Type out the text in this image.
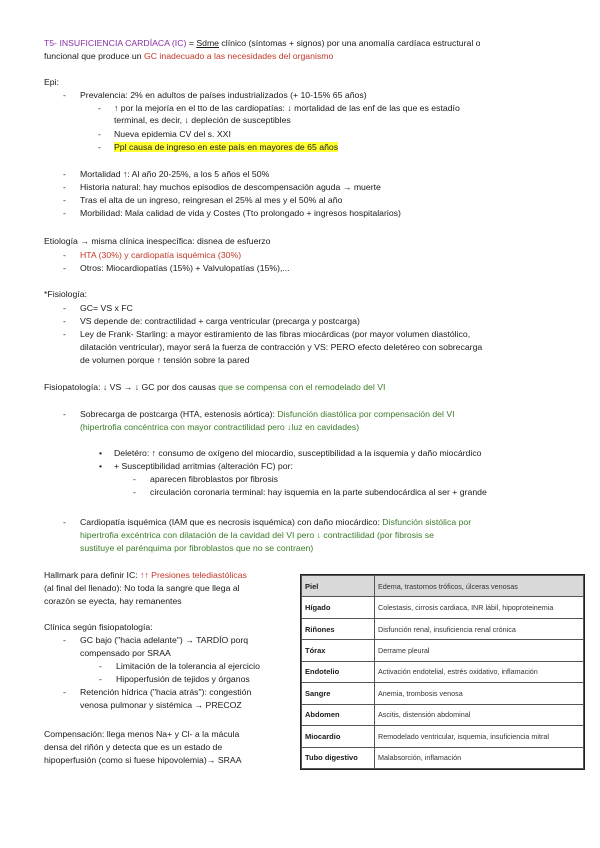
T5- INSUFICIENCIA CARDÍACA (IC) = Sdme clínico (síntomas + signos) por una anomalía cardíaca estructural o
funcional que produce un GC inadecuado a las necesidades del organismo
Epi:
- Prevalencia: 2% en adultos de países industrializados (+ 10-15% 65 años)
- ↑ por la mejoría en el tto de las cardiopatías: ↓ mortalidad de las enf de las que es estadío
terminal, es decir, ↓ depleción de susceptibles
- Nueva epidemia CV del s. XXI
- Ppl causa de ingreso en este país en mayores de 65 años
- Mortalidad ↑: Al año 20-25%, a los 5 años el 50%
- Historia natural: hay muchos episodios de descompensación aguda → muerte
- Tras el alta de un ingreso, reingresan el 25% al mes y el 50% al año
- Morbilidad: Mala calidad de vida y Costes (Tto prolongado + ingresos hospitalarios)
Etiología → misma clínica inespecífica: disnea de esfuerzo
- HTA (30%) y cardiopatía isquémica (30%)
- Otros: Miocardiopatías (15%) + Valvulopatías (15%),...
*Fisiología:
- GC= VS x FC
- VS depende de: contractilidad + carga ventricular (precarga y postcarga)
- Ley de Frank- Starling: a mayor estiramiento de las fibras miocárdicas (por mayor volumen diastólico,
dilatación ventricular), mayor será la fuerza de contracción y VS: PERO efecto deletéreo con sobrecarga
de volumen porque ↑ tensión sobre la pared
Fisiopatología: ↓ VS → ↓ GC por dos causas que se compensa con el remodelado del VI
- Sobrecarga de postcarga (HTA, estenosis aórtica): Disfunción diastólica por compensación del VI
(hipertrofia concéntrica con mayor contractilidad pero ↓luz en cavidades)
• Deletéro: ↑ consumo de oxígeno del miocardio, susceptibilidad a la isquemia y daño miocárdico
• + Susceptibilidad arritmias (alteración FC) por:
- aparecen fibroblastos por fibrosis
- circulación coronaria terminal: hay isquemia en la parte subendocárdica al ser + grande
- Cardiopatía isquémica (IAM que es necrosis isquémica) con daño miocárdico: Disfunción sistólica por
hipertrofia excéntrica con dilatación de la cavidad del VI pero ↓ contractilidad (por fibrosis se
sustituye el parénquima por fibroblastos que no se contraen)
Hallmark para definir IC: ↑↑ Presiones telediastólicas
(al final del llenado): No toda la sangre que llega al
corazón se eyecta, hay remanentes
Clínica según fisiopatología:
- GC bajo ("hacia adelante") → TARDÍO porq
compensado por SRAA
- Limitación de la tolerancia al ejercicio
- Hipoperfusión de tejidos y órganos
- Retención hídrica ("hacia atrás"): congestión
venosa pulmonar y sistémica → PRECOZ
Compensación: llega menos Na+ y Cl- a la mácula
densa del riñón y detecta que es un estado de
hipoperfusión (como si fuese hipovolemia)→ SRAA
Piel	Edema, trastornos tróficos, úlceras venosas
Hígado	Colestasis, cirrosis cardiaca, INR lábil, hipoproteinemia
Riñones	Disfunción renal, insuficiencia renal crónica
Tórax	Derrame pleural
Endotelio	Activación endotelial, estrés oxidativo, inflamación
Sangre	Anemia, trombosis venosa
Abdomen	Ascitis, distensión abdominal
Miocardio	Remodelado ventricular, isquemia, insuficiencia mitral
Tubo digestivo	Malabsorción, inflamación
